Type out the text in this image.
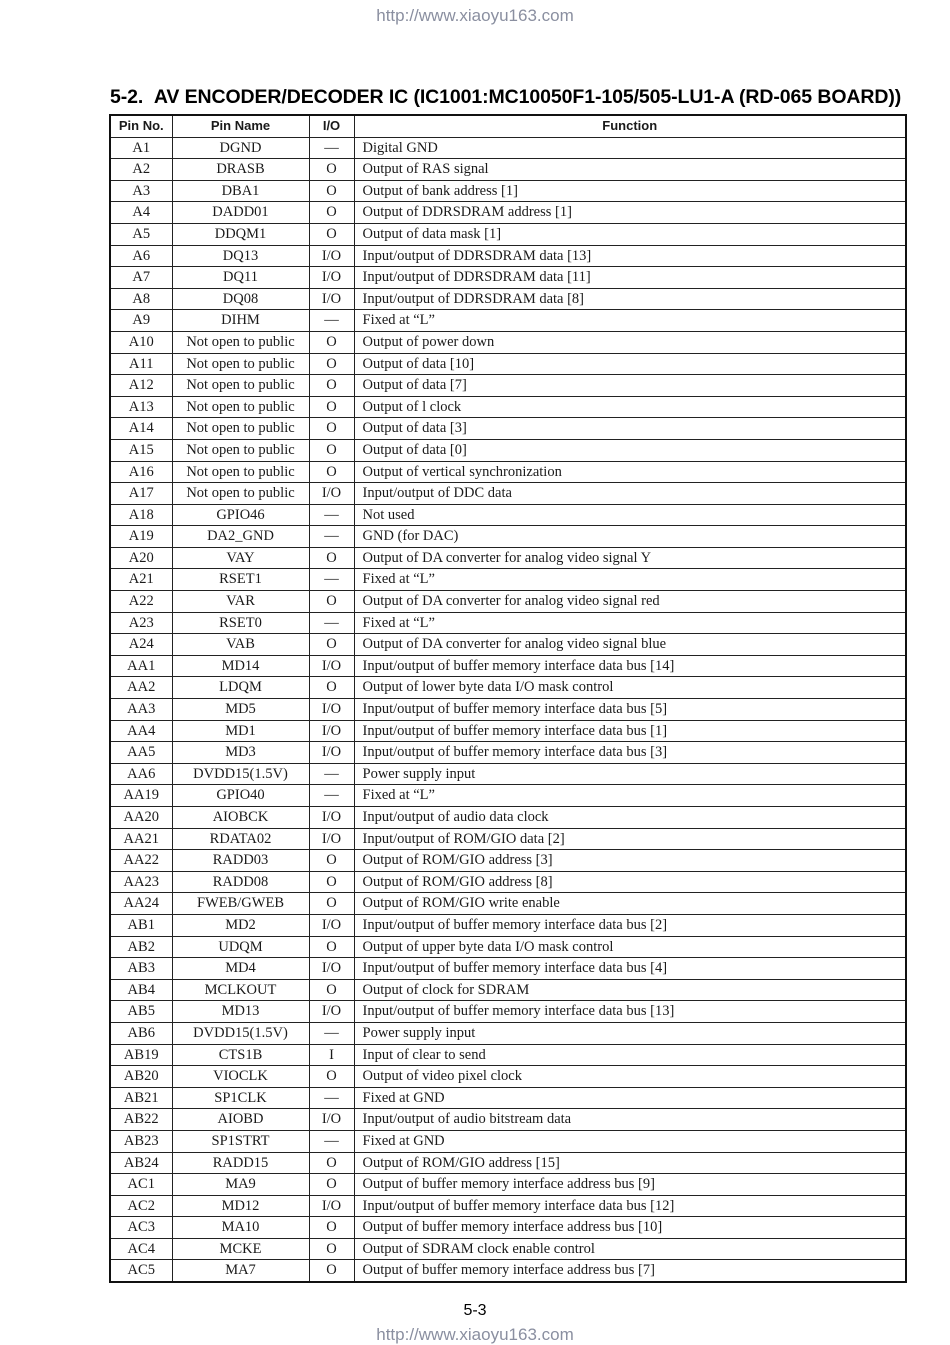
http://www.xiaoyu163.com
5-2.  AV ENCODER/DECODER IC (IC1001:MC10050F1-105/505-LU1-A (RD-065 BOARD))
Pin No.	Pin Name	I/O	Function
A1	DGND	—	Digital GND
A2	DRASB	O	Output of RAS signal
A3	DBA1	O	Output of bank address [1]
A4	DADD01	O	Output of DDRSDRAM address [1]
A5	DDQM1	O	Output of data mask [1]
A6	DQ13	I/O	Input/output of DDRSDRAM data [13]
A7	DQ11	I/O	Input/output of DDRSDRAM data [11]
A8	DQ08	I/O	Input/output of DDRSDRAM data [8]
A9	DIHM	—	Fixed at “L”
A10	Not open to public	O	Output of power down
A11	Not open to public	O	Output of data [10]
A12	Not open to public	O	Output of data [7]
A13	Not open to public	O	Output of l clock
A14	Not open to public	O	Output of data [3]
A15	Not open to public	O	Output of data [0]
A16	Not open to public	O	Output of vertical synchronization
A17	Not open to public	I/O	Input/output of DDC data
A18	GPIO46	—	Not used
A19	DA2_GND	—	GND (for DAC)
A20	VAY	O	Output of DA converter for analog video signal Y
A21	RSET1	—	Fixed at “L”
A22	VAR	O	Output of DA converter for analog video signal red
A23	RSET0	—	Fixed at “L”
A24	VAB	O	Output of DA converter for analog video signal blue
AA1	MD14	I/O	Input/output of buffer memory interface data bus [14]
AA2	LDQM	O	Output of lower byte data I/O mask control
AA3	MD5	I/O	Input/output of buffer memory interface data bus [5]
AA4	MD1	I/O	Input/output of buffer memory interface data bus [1]
AA5	MD3	I/O	Input/output of buffer memory interface data bus [3]
AA6	DVDD15(1.5V)	—	Power supply input
AA19	GPIO40	—	Fixed at “L”
AA20	AIOBCK	I/O	Input/output of audio data clock
AA21	RDATA02	I/O	Input/output of ROM/GIO data [2]
AA22	RADD03	O	Output of ROM/GIO address [3]
AA23	RADD08	O	Output of ROM/GIO address [8]
AA24	FWEB/GWEB	O	Output of ROM/GIO write enable
AB1	MD2	I/O	Input/output of buffer memory interface data bus [2]
AB2	UDQM	O	Output of upper byte data I/O mask control
AB3	MD4	I/O	Input/output of buffer memory interface data bus [4]
AB4	MCLKOUT	O	Output of clock for SDRAM
AB5	MD13	I/O	Input/output of buffer memory interface data bus [13]
AB6	DVDD15(1.5V)	—	Power supply input
AB19	CTS1B	I	Input of clear to send
AB20	VIOCLK	O	Output of video pixel clock
AB21	SP1CLK	—	Fixed at GND
AB22	AIOBD	I/O	Input/output of audio bitstream data
AB23	SP1STRT	—	Fixed at GND
AB24	RADD15	O	Output of ROM/GIO address [15]
AC1	MA9	O	Output of buffer memory interface address bus [9]
AC2	MD12	I/O	Input/output of buffer memory interface data bus [12]
AC3	MA10	O	Output of buffer memory interface address bus [10]
AC4	MCKE	O	Output of SDRAM clock enable control
AC5	MA7	O	Output of buffer memory interface address bus [7]
5-3
http://www.xiaoyu163.com
